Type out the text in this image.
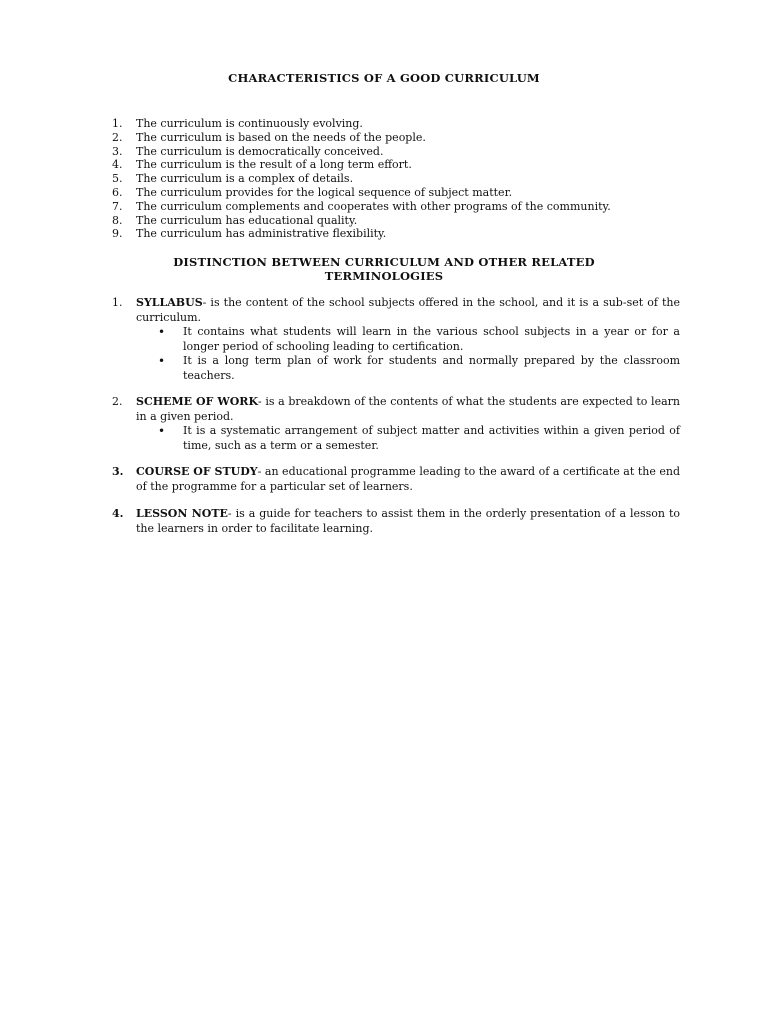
CHARACTERISTICS OF A GOOD CURRICULUM
1.	The curriculum is continuously evolving.
2.	The curriculum is based on the needs of the people.
3.	The curriculum is democratically conceived.
4.	The curriculum is the result of a long term effort.
5.	The curriculum is a complex of details.
6.	The curriculum provides for the logical sequence of subject matter.
7.	The curriculum complements and cooperates with other programs of the community.
8.	The curriculum has educational quality.
9.	The curriculum has administrative flexibility.
DISTINCTION BETWEEN CURRICULUM AND OTHER RELATED
TERMINOLOGIES
1.	SYLLABUS- is the content of the school subjects offered in the school, and it is a sub-set of the curriculum.
•	It contains what students will learn in the various school subjects in a year or for a longer period of schooling leading to certification.
•	It is a long term plan of work for students and normally prepared by the classroom teachers.
2.	SCHEME OF WORK- is a breakdown of the contents of what the students are expected to learn in a given period.
•	It is a systematic arrangement of subject matter and activities within a given period of time, such as a term or a semester.
3.	COURSE OF STUDY- an educational programme leading to the award of a certificate at the end of the programme for a particular set of learners.
4.	LESSON NOTE- is a guide for teachers to assist them in the orderly presentation of a lesson to the learners in order to facilitate learning.
